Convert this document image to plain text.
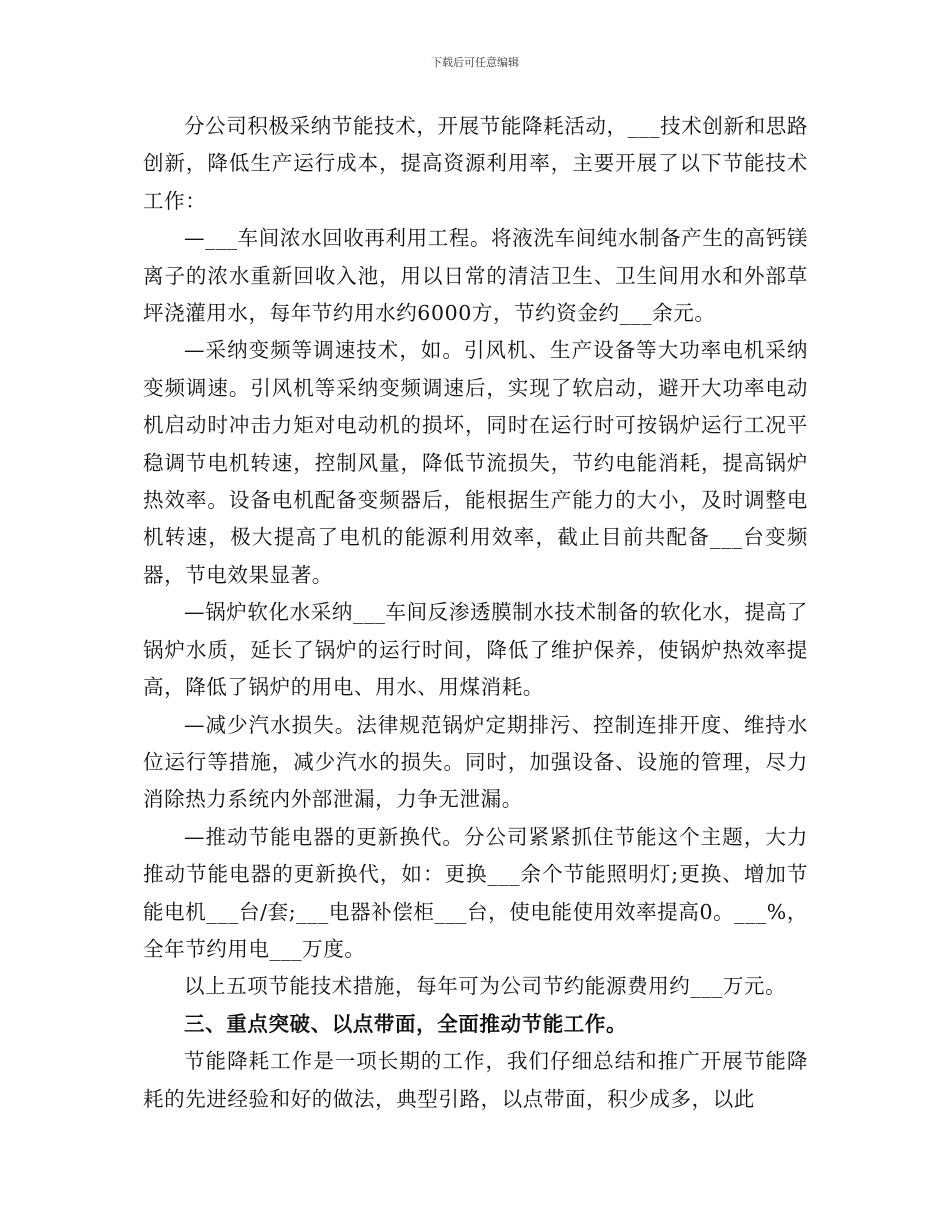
下载后可任意编辑

分公司积极采纳节能技术，开展节能降耗活动，___技术创新和思路创新，降低生产运行成本，提高资源利用率，主要开展了以下节能技术工作：

—___车间浓水回收再利用工程。将液洗车间纯水制备产生的高钙镁离子的浓水重新回收入池，用以日常的清洁卫生、卫生间用水和外部草坪浇灌用水，每年节约用水约6000方，节约资金约___余元。

—采纳变频等调速技术，如。引风机、生产设备等大功率电机采纳变频调速。引风机等采纳变频调速后，实现了软启动，避开大功率电动机启动时冲击力矩对电动机的损坏，同时在运行时可按锅炉运行工况平稳调节电机转速，控制风量，降低节流损失，节约电能消耗，提高锅炉热效率。设备电机配备变频器后，能根据生产能力的大小，及时调整电机转速，极大提高了电机的能源利用效率，截止目前共配备___台变频器，节电效果显著。

—锅炉软化水采纳___车间反渗透膜制水技术制备的软化水，提高了锅炉水质，延长了锅炉的运行时间，降低了维护保养，使锅炉热效率提高，降低了锅炉的用电、用水、用煤消耗。

—减少汽水损失。法律规范锅炉定期排污、控制连排开度、维持水位运行等措施，减少汽水的损失。同时，加强设备、设施的管理，尽力消除热力系统内外部泄漏，力争无泄漏。

—推动节能电器的更新换代。分公司紧紧抓住节能这个主题，大力推动节能电器的更新换代，如：更换___余个节能照明灯;更换、增加节能电机___台/套;___电器补偿柜___台，使电能使用效率提高0。___%，全年节约用电___万度。

以上五项节能技术措施，每年可为公司节约能源费用约___万元。

三、重点突破、以点带面，全面推动节能工作。

节能降耗工作是一项长期的工作，我们仔细总结和推广开展节能降耗的先进经验和好的做法，典型引路，以点带面，积少成多，以此
